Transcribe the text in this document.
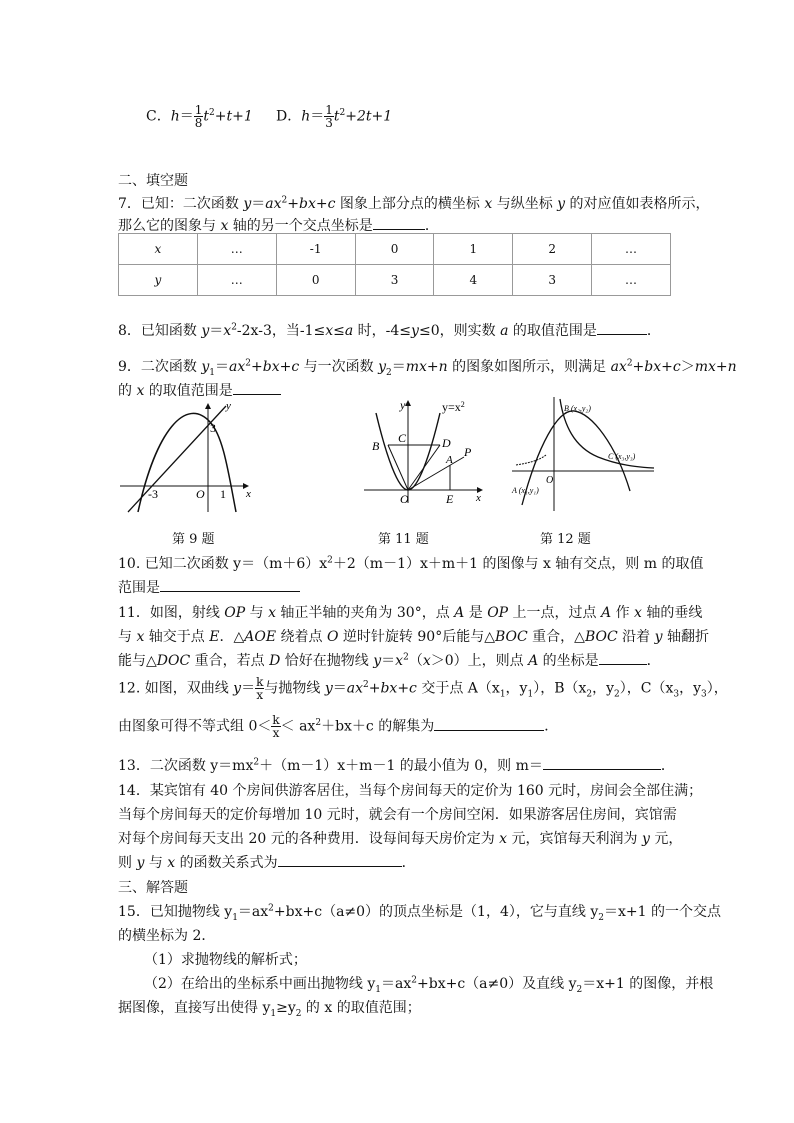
C．$h= \frac{1}{8} t^2+t+1$ D．$h= \frac{1}{3} t^2+2t+1$
二、填空题
7．已知：二次函数 $y=ax^2+bx+c$ 图象上部分点的横坐标 x 与纵坐标 y 的对应值如表格所示，
那么它的图象与 x 轴的另一个交点坐标是	．
x	…	-1	0	1	2	…
y	…	0	3	4	3	…
8．已知函数 $y=x^2-2x-3$，当-1≤x≤a 时，-4≤y≤0，则实数 a 的取值范围是	．
9．二次函数 $y_1=ax^2+bx+c$ 与一次函数 $y_2=mx+n$ 的图象如图所示，则满足 $ax^2+bx+c>mx+n$
的 x 的取值范围是
y
x
3
-3	O 1
第 9 题
y	$y=x^2$
B
C	D
P
A
O	E x
第 11 题
B (x₂,y₂)
C (x₃,y₃)
A (x₁,y₁)
O
第 12 题
10. 已知二次函数 $y=(m+6)x^2+2(m-1)x+m+1$ 的图像与 x 轴有交点，则 m 的取值
范围是
11．如图，射线 OP 与 x 轴正半轴的夹角为 30°，点 A 是 OP 上一点，过点 A 作 x 轴的垂线
与 x 轴交于点 E．△AOE 绕着点 O 逆时针旋转 90°后能与△BOC 重合，△BOC 沿着 y 轴翻折
能与△DOC 重合，若点 D 恰好在抛物线 $y=x^2(x>0)$上，则点 A 的坐标是	．
12. 如图，双曲线 $y= \frac{k}{x}$ 与抛物线 $y=ax^2+bx+c$ 交于点 $A(x_1$，$y_1$），$B(x_2$，$y_2$），$C(x_3$，$y_3$），
由图象可得不等式组 $0< \frac{k}{x} < ax^2+bx+c$ 的解集为	．
13．二次函数 $y=mx^2+(m-1)x+m-1$ 的最小值为 0，则 m＝	．
14．某宾馆有 40 个房间供游客居住，当每个房间每天的定价为 160 元时，房间会全部住满；
当每个房间每天的定价每增加 10 元时，就会有一个房间空闲．如果游客居住房间，宾馆需
对每个房间每天支出 20 元的各种费用．设每间每天房价定为 x 元，宾馆每天利润为 y 元，
则 y 与 x 的函数关系式为	．
三、解答题
15．已知抛物线 $y_1=ax^2+bx+c(a\ne 0)$的顶点坐标是（1，4），它与直线 $y_2=x+1$ 的一个交点
的横坐标为 2．
（1）求抛物线的解析式；
（2）在给出的坐标系中画出抛物线 $y_1=ax^2+bx+c(a\ne 0)$及直线 $y_2=x+1$ 的图像，并根
据图像，直接写出使得 $y_1\ge y_2$ 的 x 的取值范围；
